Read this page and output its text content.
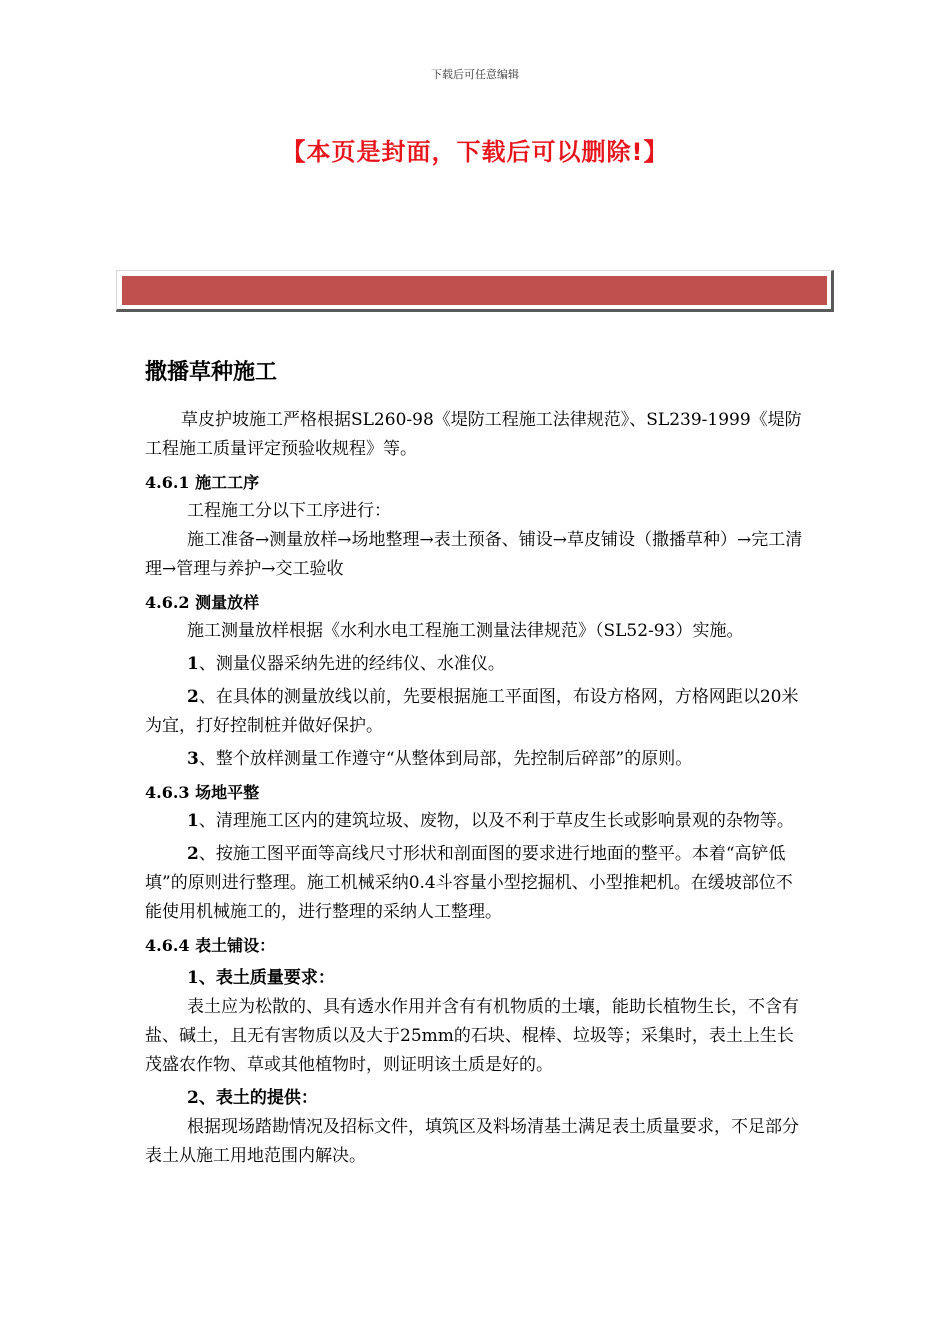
下载后可任意编辑
【本页是封面，下载后可以删除!】
撒播草种施工

草皮护坡施工严格根据SL260-98《堤防工程施工法律规范》、SL239-1999《堤防工程施工质量评定预验收规程》等。

4.6.1 施工工序

工程施工分以下工序进行：

施工准备→测量放样→场地整理→表土预备、铺设→草皮铺设（撒播草种）→完工清理→管理与养护→交工验收

4.6.2 测量放样

施工测量放样根据《水利水电工程施工测量法律规范》（SL52-93）实施。

1、测量仪器采纳先进的经纬仪、水准仪。

2、在具体的测量放线以前，先要根据施工平面图，布设方格网，方格网距以20米为宜，打好控制桩并做好保护。

3、整个放样测量工作遵守“从整体到局部，先控制后碎部”的原则。

4.6.3 场地平整

1、清理施工区内的建筑垃圾、废物，以及不利于草皮生长或影响景观的杂物等。

2、按施工图平面等高线尺寸形状和剖面图的要求进行地面的整平。本着“高铲低填”的原则进行整理。施工机械采纳0.4斗容量小型挖掘机、小型推耙机。在缓坡部位不能使用机械施工的，进行整理的采纳人工整理。

4.6.4 表土铺设：

1、表土质量要求：

表土应为松散的、具有透水作用并含有有机物质的土壤，能助长植物生长，不含有盐、碱土，且无有害物质以及大于25mm的石块、棍棒、垃圾等；采集时，表土上生长茂盛农作物、草或其他植物时，则证明该土质是好的。

2、表土的提供：

根据现场踏勘情况及招标文件，填筑区及料场清基土满足表土质量要求，不足部分表土从施工用地范围内解决。
